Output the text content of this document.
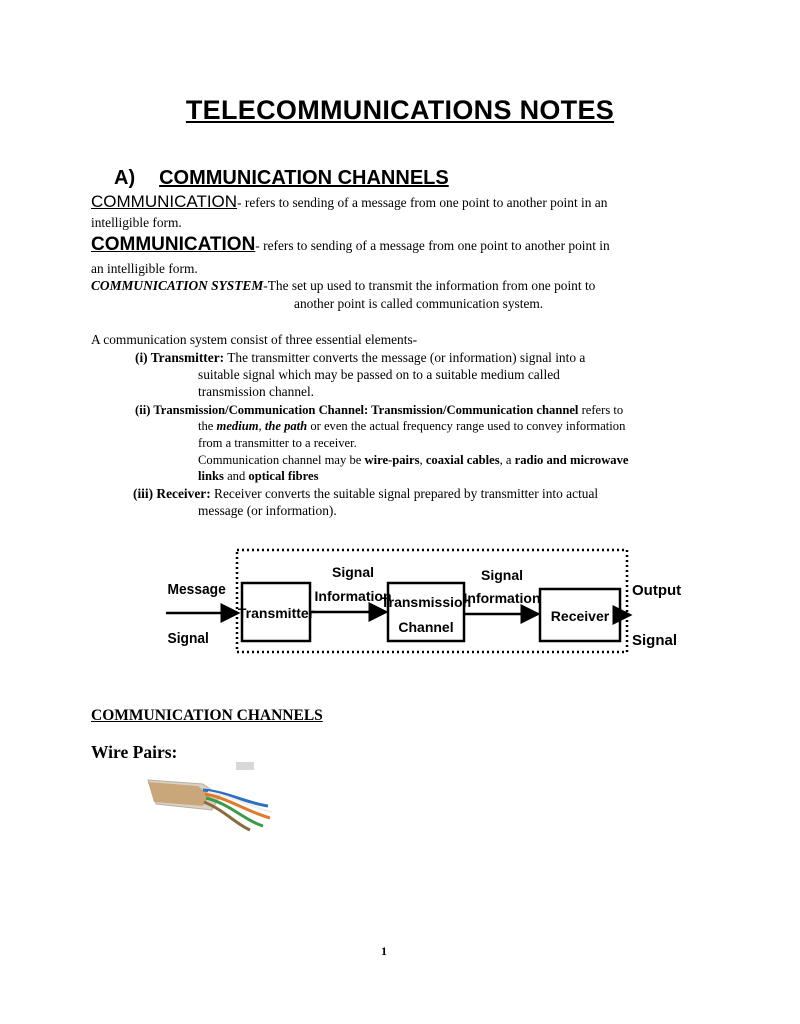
TELECOMMUNICATIONS NOTES
A) COMMUNICATION CHANNELS
COMMUNICATION- refers to sending of a message from one point to another point in an
intelligible form.
COMMUNICATION- refers to sending of a message from one point to another point in
an intelligible form.
COMMUNICATION SYSTEM-The set up used to transmit the information from one point to
another point is called communication system.
A communication system consist of three essential elements-
(i) Transmitter: The transmitter converts the message (or information) signal into a
suitable signal which may be passed on to a suitable medium called
transmission channel.
(ii) Transmission/Communication Channel: Transmission/Communication channel refers to
the medium, the path or even the actual frequency range used to convey information
from a transmitter to a receiver.
Communication channel may be wire-pairs, coaxial cables, a radio and microwave
links and optical fibres
(iii) Receiver: Receiver converts the suitable signal prepared by transmitter into actual
message (or information).
Message
Signal
Transmitter
Signal
Information
Transmission
Channel
Signal
Information
Receiver
Output
Signal
COMMUNICATION CHANNELS
Wire Pairs:
1
